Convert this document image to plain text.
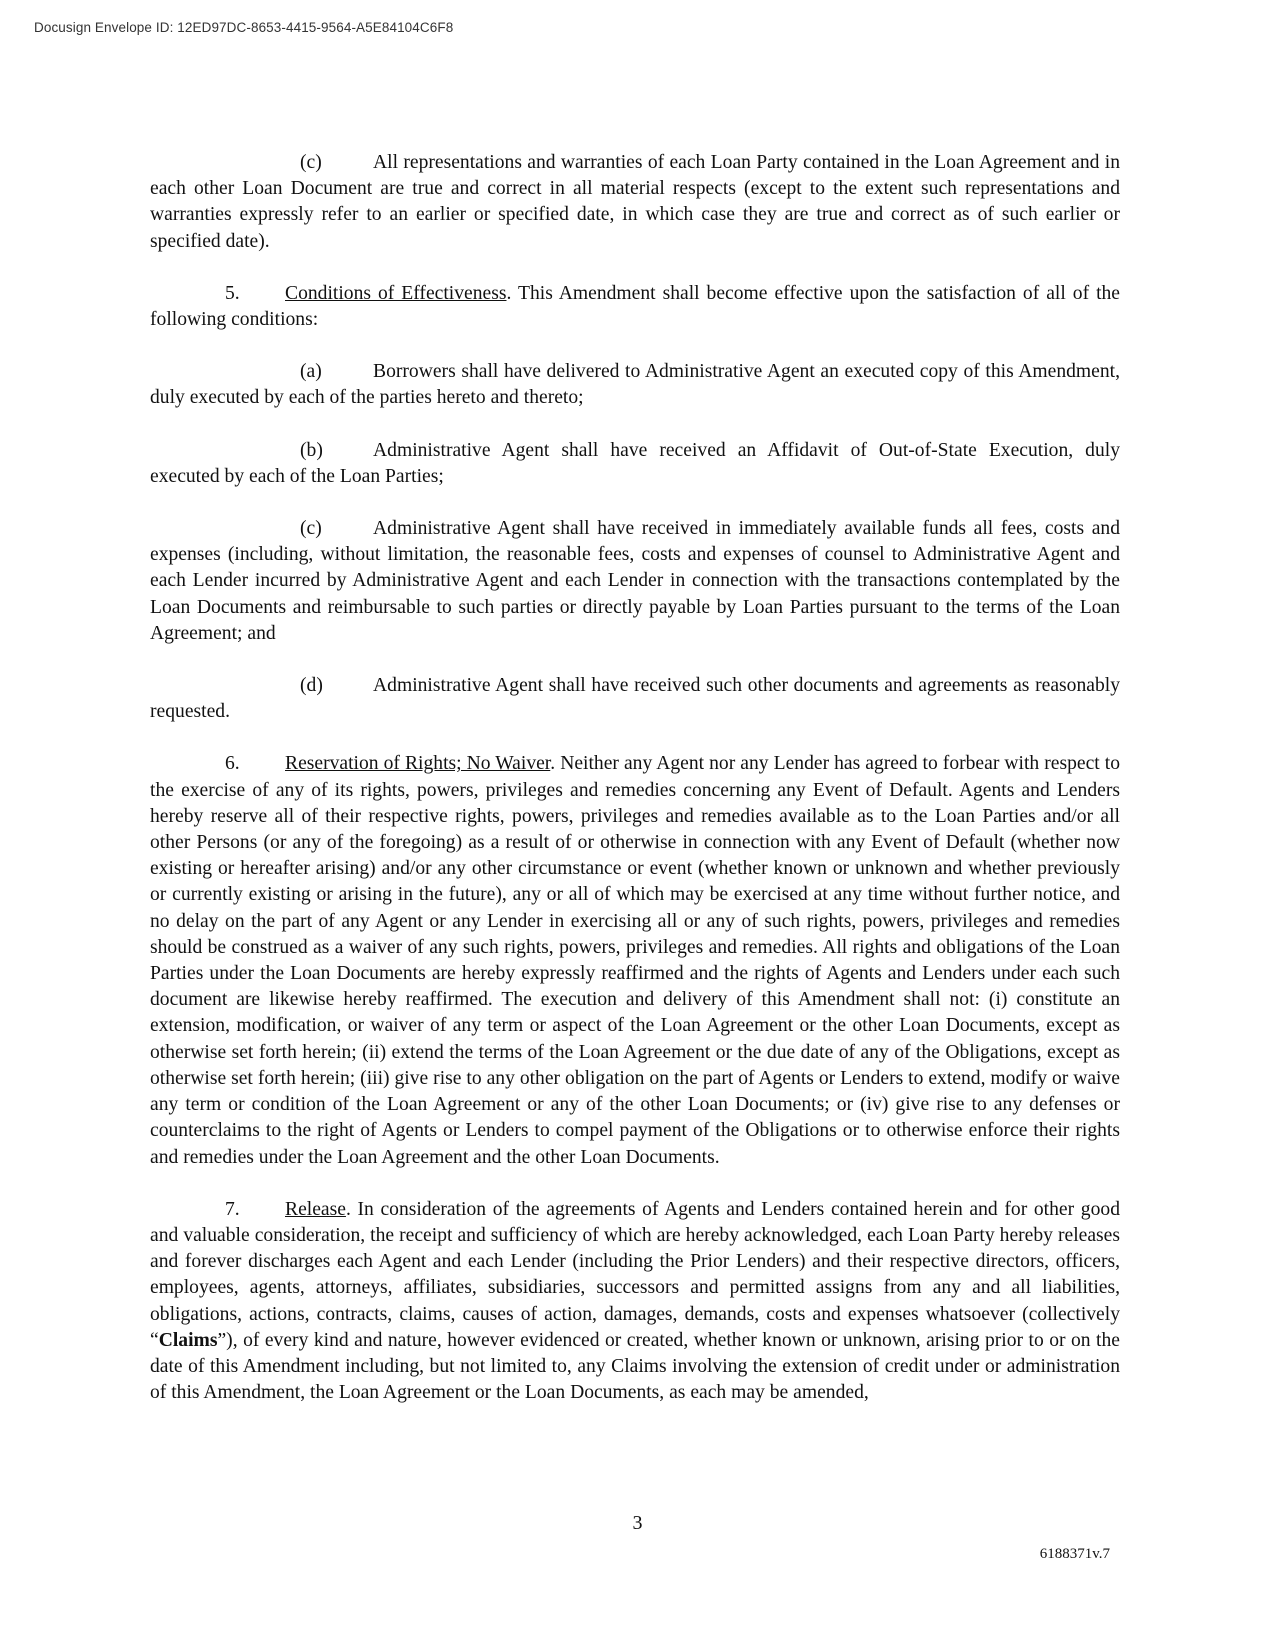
Docusign Envelope ID: 12ED97DC-8653-4415-9564-A5E84104C6F8

(c)	All representations and warranties of each Loan Party contained in the Loan Agreement and in each other Loan Document are true and correct in all material respects (except to the extent such representations and warranties expressly refer to an earlier or specified date, in which case they are true and correct as of such earlier or specified date).

5. Conditions of Effectiveness. This Amendment shall become effective upon the satisfaction of all of the following conditions:

(a)	Borrowers shall have delivered to Administrative Agent an executed copy of this Amendment, duly executed by each of the parties hereto and thereto;

(b)	Administrative Agent shall have received an Affidavit of Out-of-State Execution, duly executed by each of the Loan Parties;

(c)	Administrative Agent shall have received in immediately available funds all fees, costs and expenses (including, without limitation, the reasonable fees, costs and expenses of counsel to Administrative Agent and each Lender incurred by Administrative Agent and each Lender in connection with the transactions contemplated by the Loan Documents and reimbursable to such parties or directly payable by Loan Parties pursuant to the terms of the Loan Agreement; and

(d)	Administrative Agent shall have received such other documents and agreements as reasonably requested.

6. Reservation of Rights; No Waiver. Neither any Agent nor any Lender has agreed to forbear with respect to the exercise of any of its rights, powers, privileges and remedies concerning any Event of Default. Agents and Lenders hereby reserve all of their respective rights, powers, privileges and remedies available as to the Loan Parties and/or all other Persons (or any of the foregoing) as a result of or otherwise in connection with any Event of Default (whether now existing or hereafter arising) and/or any other circumstance or event (whether known or unknown and whether previously or currently existing or arising in the future), any or all of which may be exercised at any time without further notice, and no delay on the part of any Agent or any Lender in exercising all or any of such rights, powers, privileges and remedies should be construed as a waiver of any such rights, powers, privileges and remedies. All rights and obligations of the Loan Parties under the Loan Documents are hereby expressly reaffirmed and the rights of Agents and Lenders under each such document are likewise hereby reaffirmed. The execution and delivery of this Amendment shall not: (i) constitute an extension, modification, or waiver of any term or aspect of the Loan Agreement or the other Loan Documents, except as otherwise set forth herein; (ii) extend the terms of the Loan Agreement or the due date of any of the Obligations, except as otherwise set forth herein; (iii) give rise to any other obligation on the part of Agents or Lenders to extend, modify or waive any term or condition of the Loan Agreement or any of the other Loan Documents; or (iv) give rise to any defenses or counterclaims to the right of Agents or Lenders to compel payment of the Obligations or to otherwise enforce their rights and remedies under the Loan Agreement and the other Loan Documents.

7. Release. In consideration of the agreements of Agents and Lenders contained herein and for other good and valuable consideration, the receipt and sufficiency of which are hereby acknowledged, each Loan Party hereby releases and forever discharges each Agent and each Lender (including the Prior Lenders) and their respective directors, officers, employees, agents, attorneys, affiliates, subsidiaries, successors and permitted assigns from any and all liabilities, obligations, actions, contracts, claims, causes of action, damages, demands, costs and expenses whatsoever (collectively “Claims”), of every kind and nature, however evidenced or created, whether known or unknown, arising prior to or on the date of this Amendment including, but not limited to, any Claims involving the extension of credit under or administration of this Amendment, the Loan Agreement or the Loan Documents, as each may be amended,

3
6188371v.7
